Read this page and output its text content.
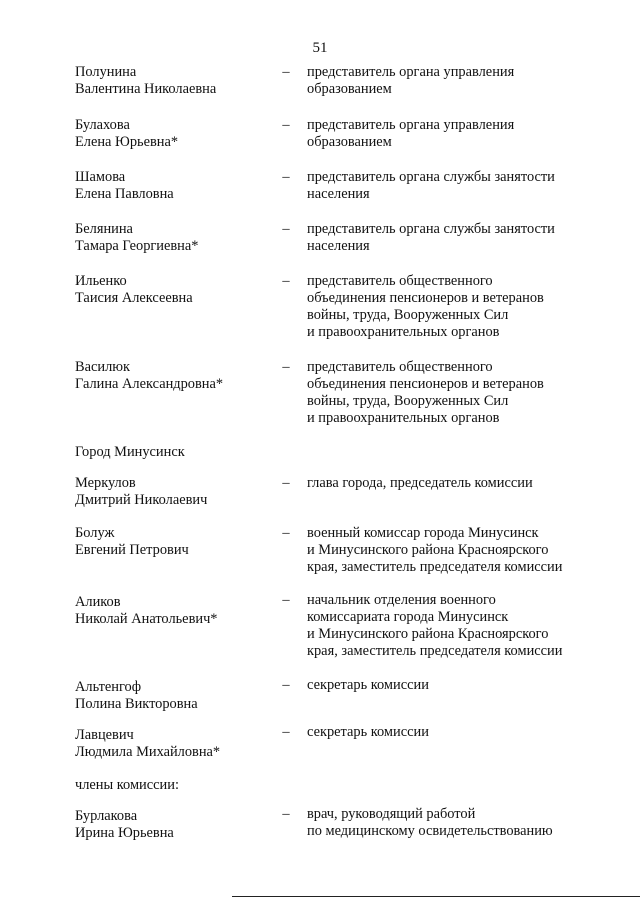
51
Полунина
Валентина Николаевна
–	представитель органа управления
образованием
Булахова
Елена Юрьевна*
–	представитель органа управления
образованием
Шамова
Елена Павловна
–	представитель органа службы занятости
населения
Белянина
Тамара Георгиевна*
–	представитель органа службы занятости
населения
Ильенко
Таисия Алексеевна
–	представитель общественного
объединения пенсионеров и ветеранов
войны, труда, Вооруженных Сил
и правоохранительных органов
Василюк
Галина Александровна*
–	представитель общественного
объединения пенсионеров и ветеранов
войны, труда, Вооруженных Сил
и правоохранительных органов
Город Минусинск
Меркулов
Дмитрий Николаевич
–	глава города, председатель комиссии
Болуж
Евгений Петрович
–	военный комиссар города Минусинск
и Минусинского района Красноярского
края, заместитель председателя комиссии
Аликов
Николай Анатольевич*
–	начальник отделения военного
комиссариата города Минусинск
и Минусинского района Красноярского
края, заместитель председателя комиссии
Альтенгоф
Полина Викторовна
–	секретарь комиссии
Лавцевич
Людмила Михайловна*
–	секретарь комиссии
члены комиссии:
Бурлакова
Ирина Юрьевна
–	врач, руководящий работой
по медицинскому освидетельствованию
